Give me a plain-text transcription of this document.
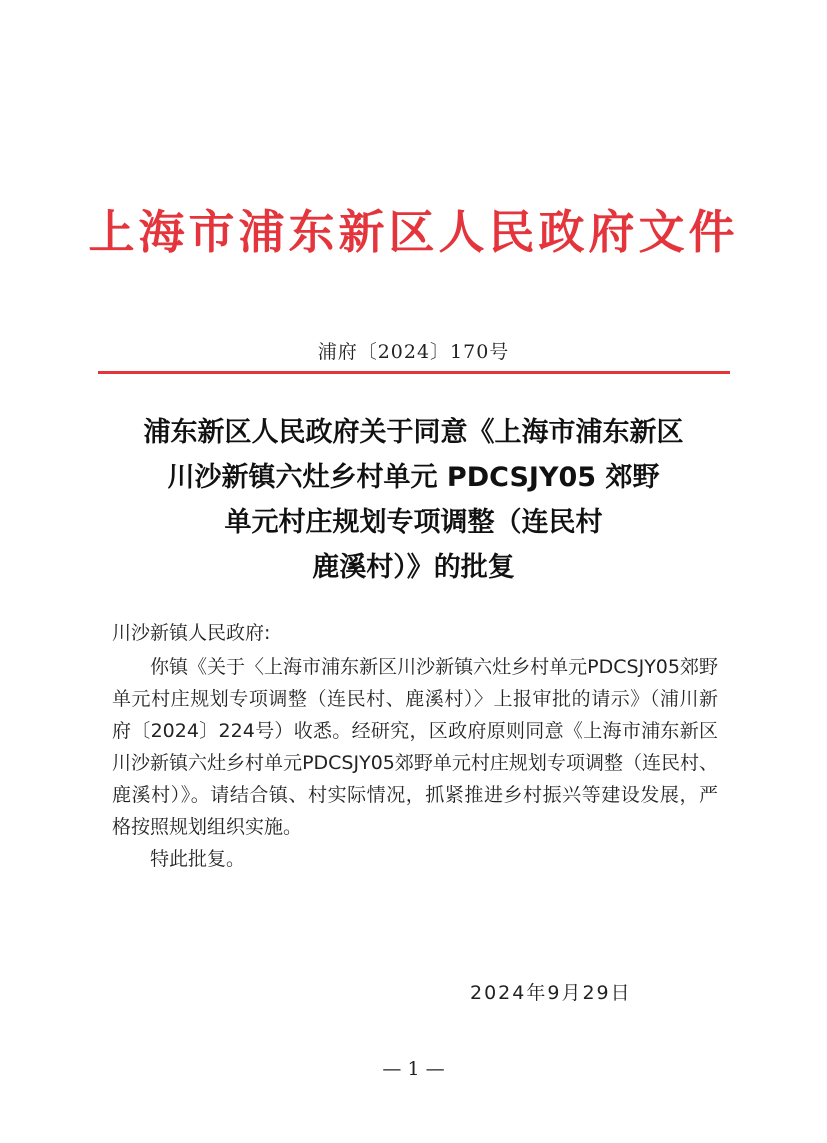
上海市浦东新区人民政府文件
浦府〔2024〕170号
浦东新区人民政府关于同意《上海市浦东新区
川沙新镇六灶乡村单元 PDCSJY05 郊野
单元村庄规划专项调整（连民村
鹿溪村）》的批复
川沙新镇人民政府:

你镇《关于〈上海市浦东新区川沙新镇六灶乡村单元PDCSJY05郊野单元村庄规划专项调整（连民村、鹿溪村）〉上报审批的请示》（浦川新府〔2024〕224号）收悉。经研究，区政府原则同意《上海市浦东新区川沙新镇六灶乡村单元PDCSJY05郊野单元村庄规划专项调整（连民村、鹿溪村）》。请结合镇、村实际情况，抓紧推进乡村振兴等建设发展，严格按照规划组织实施。

特此批复。

2024年9月29日
— 1 —
